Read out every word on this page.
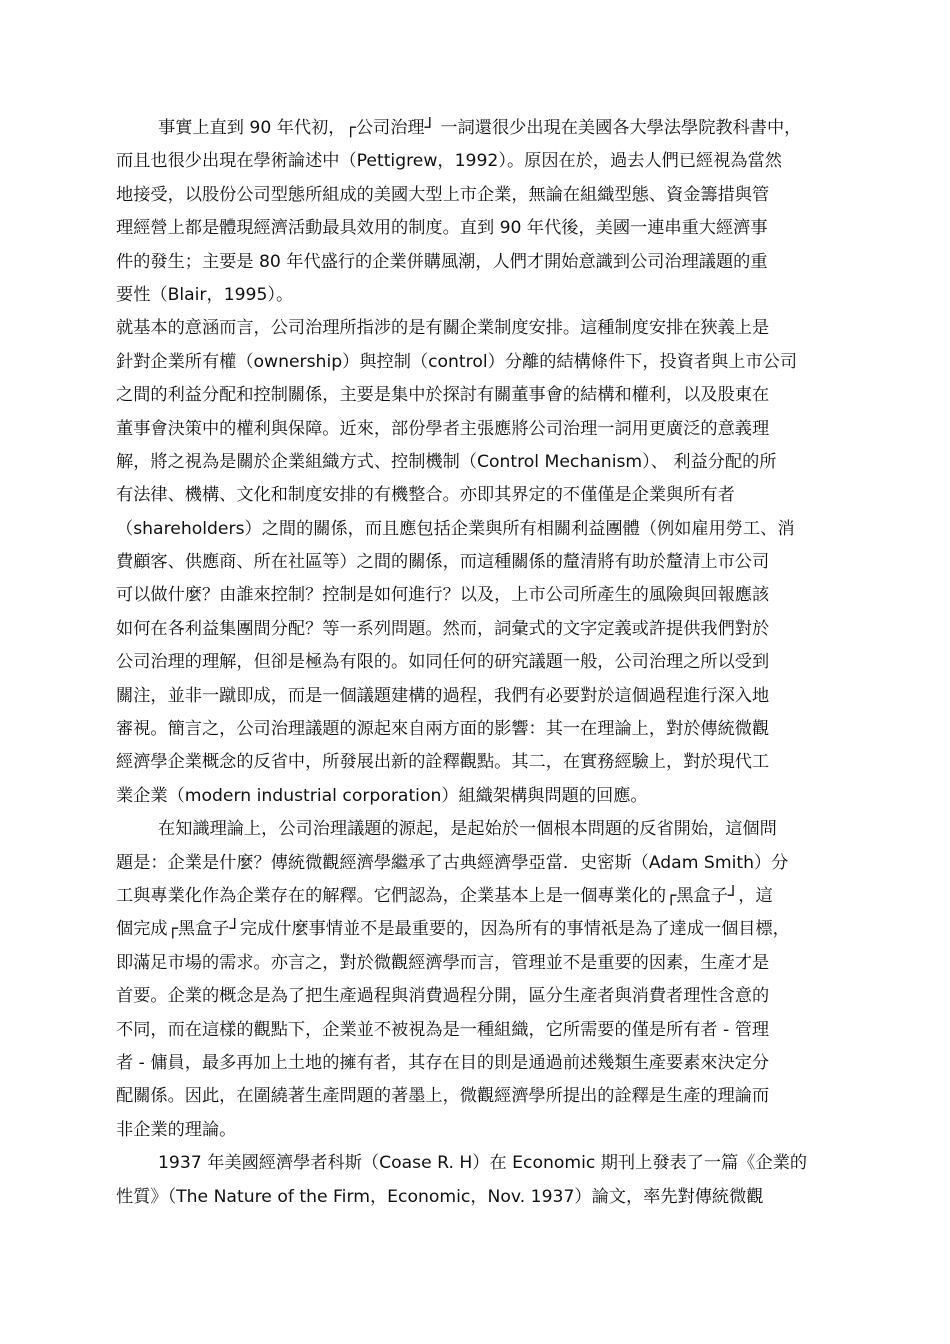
事實上直到 90 年代初，┌公司治理┘ 一詞還很少出現在美國各大學法學院教科書中，
而且也很少出現在學術論述中（Pettigrew，1992）。原因在於，過去人們已經視為當然
地接受，以股份公司型態所組成的美國大型上市企業，無論在組織型態、資金籌措與管
理經營上都是體現經濟活動最具效用的制度。直到 90 年代後，美國一連串重大經濟事
件的發生；主要是 80 年代盛行的企業併購風潮，人們才開始意識到公司治理議題的重
要性（Blair，1995）。
就基本的意涵而言，公司治理所指涉的是有關企業制度安排。這種制度安排在狹義上是
針對企業所有權（ownership）與控制（control）分離的結構條件下，投資者與上市公司
之間的利益分配和控制關係，主要是集中於探討有關董事會的結構和權利，以及股東在
董事會決策中的權利與保障。近來，部份學者主張應將公司治理一詞用更廣泛的意義理
解，將之視為是關於企業組織方式、控制機制（Control Mechanism）、 利益分配的所
有法律、機構、文化和制度安排的有機整合。亦即其界定的不僅僅是企業與所有者
（shareholders）之間的關係，而且應包括企業與所有相關利益團體（例如雇用勞工、消
費顧客、供應商、所在社區等）之間的關係，而這種關係的釐清將有助於釐清上市公司
可以做什麼？由誰來控制？控制是如何進行？以及，上市公司所產生的風險與回報應該
如何在各利益集團間分配？等一系列問題。然而，詞彙式的文字定義或許提供我們對於
公司治理的理解，但卻是極為有限的。如同任何的研究議題一般，公司治理之所以受到
關注，並非一蹴即成，而是一個議題建構的過程，我們有必要對於這個過程進行深入地
審視。簡言之，公司治理議題的源起來自兩方面的影響：其一在理論上，對於傳統微觀
經濟學企業概念的反省中，所發展出新的詮釋觀點。其二，在實務經驗上，對於現代工
業企業（modern industrial corporation）組織架構與問題的回應。
在知識理論上，公司治理議題的源起，是起始於一個根本問題的反省開始，這個問
題是：企業是什麼？傳統微觀經濟學繼承了古典經濟學亞當．史密斯（Adam Smith）分
工與專業化作為企業存在的解釋。它們認為，企業基本上是一個專業化的┌黑盒子┘，這
個完成┌黑盒子┘完成什麼事情並不是最重要的，因為所有的事情祇是為了達成一個目標，
即滿足市場的需求。亦言之，對於微觀經濟學而言，管理並不是重要的因素，生產才是
首要。企業的概念是為了把生產過程與消費過程分開，區分生產者與消費者理性含意的
不同，而在這樣的觀點下，企業並不被視為是一種組織，它所需要的僅是所有者 - 管理
者 - 傭員，最多再加上土地的擁有者，其存在目的則是通過前述幾類生產要素來決定分
配關係。因此，在圍繞著生產問題的著墨上，微觀經濟學所提出的詮釋是生產的理論而
非企業的理論。
1937 年美國經濟學者科斯（Coase R. H）在 Economic 期刊上發表了一篇《企業的
性質》（The Nature of the Firm，Economic，Nov. 1937）論文，率先對傳統微觀
